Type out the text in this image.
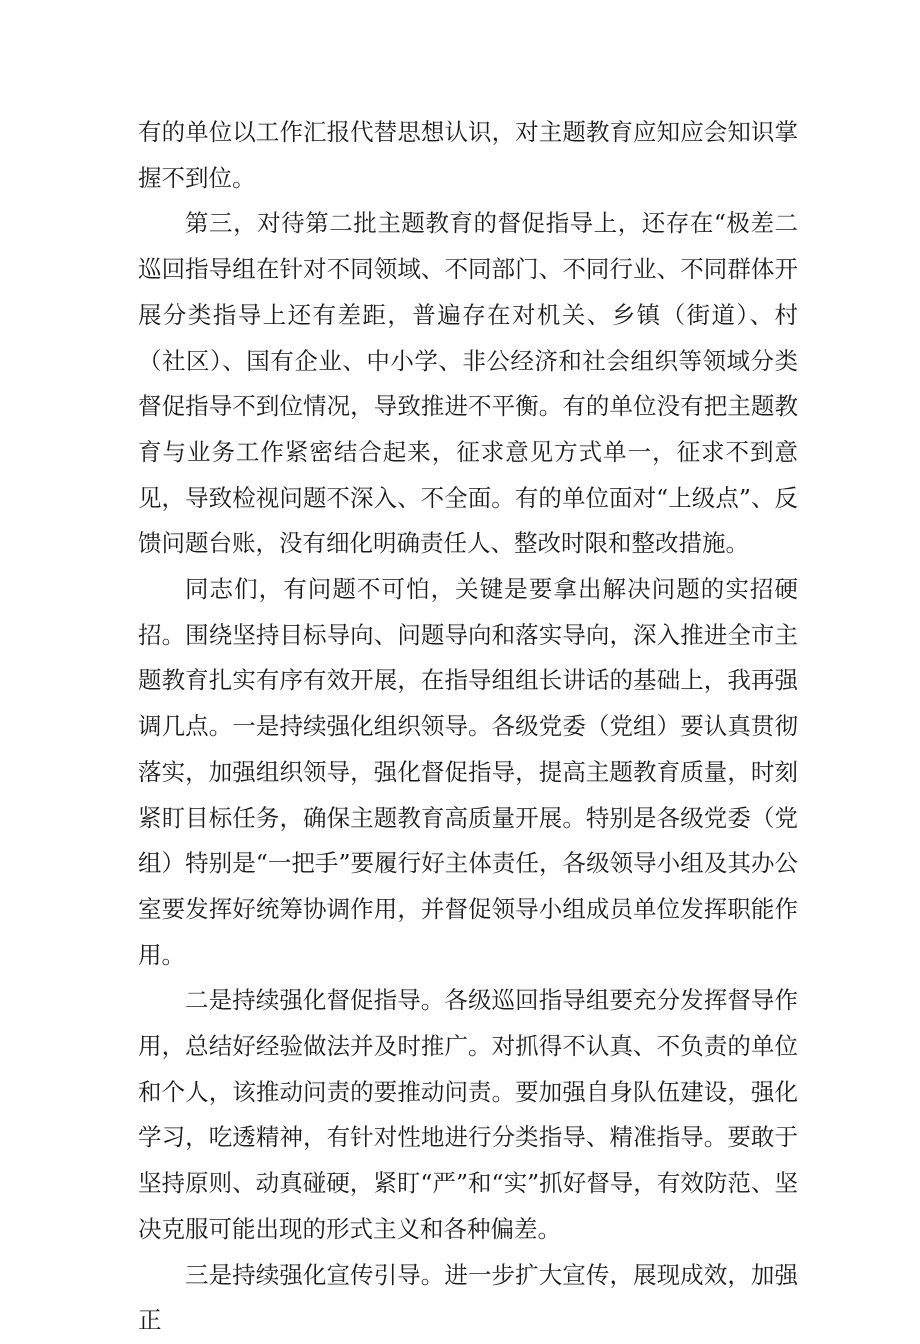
有的单位以工作汇报代替思想认识，对主题教育应知应会知识掌握不到位。

第三，对待第二批主题教育的督促指导上，还存在“极差二巡回指导组在针对不同领域、不同部门、不同行业、不同群体开展分类指导上还有差距，普遍存在对机关、乡镇（街道）、村（社区）、国有企业、中小学、非公经济和社会组织等领域分类督促指导不到位情况，导致推进不平衡。有的单位没有把主题教育与业务工作紧密结合起来，征求意见方式单一，征求不到意见，导致检视问题不深入、不全面。有的单位面对“上级点”、反馈问题台账，没有细化明确责任人、整改时限和整改措施。

同志们，有问题不可怕，关键是要拿出解决问题的实招硬招。围绕坚持目标导向、问题导向和落实导向，深入推进全市主题教育扎实有序有效开展，在指导组组长讲话的基础上，我再强调几点。一是持续强化组织领导。各级党委（党组）要认真贯彻落实，加强组织领导，强化督促指导，提高主题教育质量，时刻紧盯目标任务，确保主题教育高质量开展。特别是各级党委（党组）特别是“一把手”要履行好主体责任，各级领导小组及其办公室要发挥好统筹协调作用，并督促领导小组成员单位发挥职能作用。

二是持续强化督促指导。各级巡回指导组要充分发挥督导作用，总结好经验做法并及时推广。对抓得不认真、不负责的单位和个人，该推动问责的要推动问责。要加强自身队伍建设，强化学习，吃透精神，有针对性地进行分类指导、精准指导。要敢于坚持原则、动真碰硬，紧盯“严”和“实”抓好督导，有效防范、坚决克服可能出现的形式主义和各种偏差。

三是持续强化宣传引导。进一步扩大宣传，展现成效，加强正
